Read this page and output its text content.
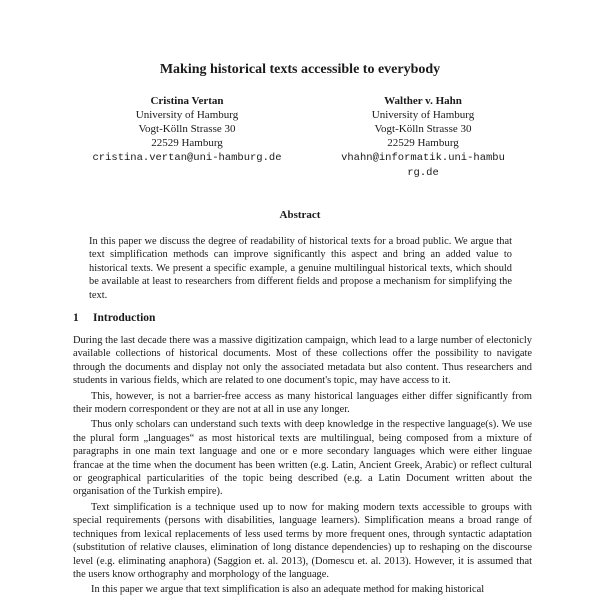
Making historical texts accessible to everybody
Cristina Vertan
University of Hamburg
Vogt-Kölln Strasse 30
22529 Hamburg
cristina.vertan@uni-hamburg.de
Walther v. Hahn
University of Hamburg
Vogt-Kölln Strasse 30
22529 Hamburg
vhahn@informatik.uni-hamburg.de
Abstract
In this paper we discuss the degree of readability of historical texts for a broad public. We argue that text simplification methods can improve significantly this aspect and bring an added value to historical texts. We present a specific example, a genuine multilingual historical texts, which should be available at least to researchers from different fields and propose a mechanism for simplifying the text.
1 Introduction

During the last decade there was a massive digitization campaign, which lead to a large number of electonicly available collections of historical documents. Most of these collections offer the possibility to navigate through the documents and display not only the associated metadata but also content. Thus researchers and students in various fields, which are related to one document's topic, may have access to it.

This, however, is not a barrier-free access as many historical languages either differ significantly from their modern correspondent or they are not at all in use any longer.

Thus only scholars can understand such texts with deep knowledge in the respective language(s). We use the plural form „languages“ as most historical texts are multilingual, being composed from a mixture of paragraphs in one main text language and one or e more secondary languages which were either linguae francae at the time when the document has been written (e.g. Latin, Ancient Greek, Arabic) or reflect cultural or geographical particularities of the topic being described (e.g. a Latin Document written about the organisation of the Turkish empire).

Text simplification is a technique used up to now for making modern texts accessible to groups with special requirements (persons with disabilities, language learners). Simplification means a broad range of techniques from lexical replacements of less used terms by more frequent ones, through syntactic adaptation (substitution of relative clauses, elimination of long distance dependencies) up to reshaping on the discourse level (e.g. eliminating anaphora) (Saggion et. al. 2013), (Domescu et. al. 2013). However, it is assumed that the users know orthography and morphology of the language.

In this paper we argue that text simplification is also an adequate method for making historical
